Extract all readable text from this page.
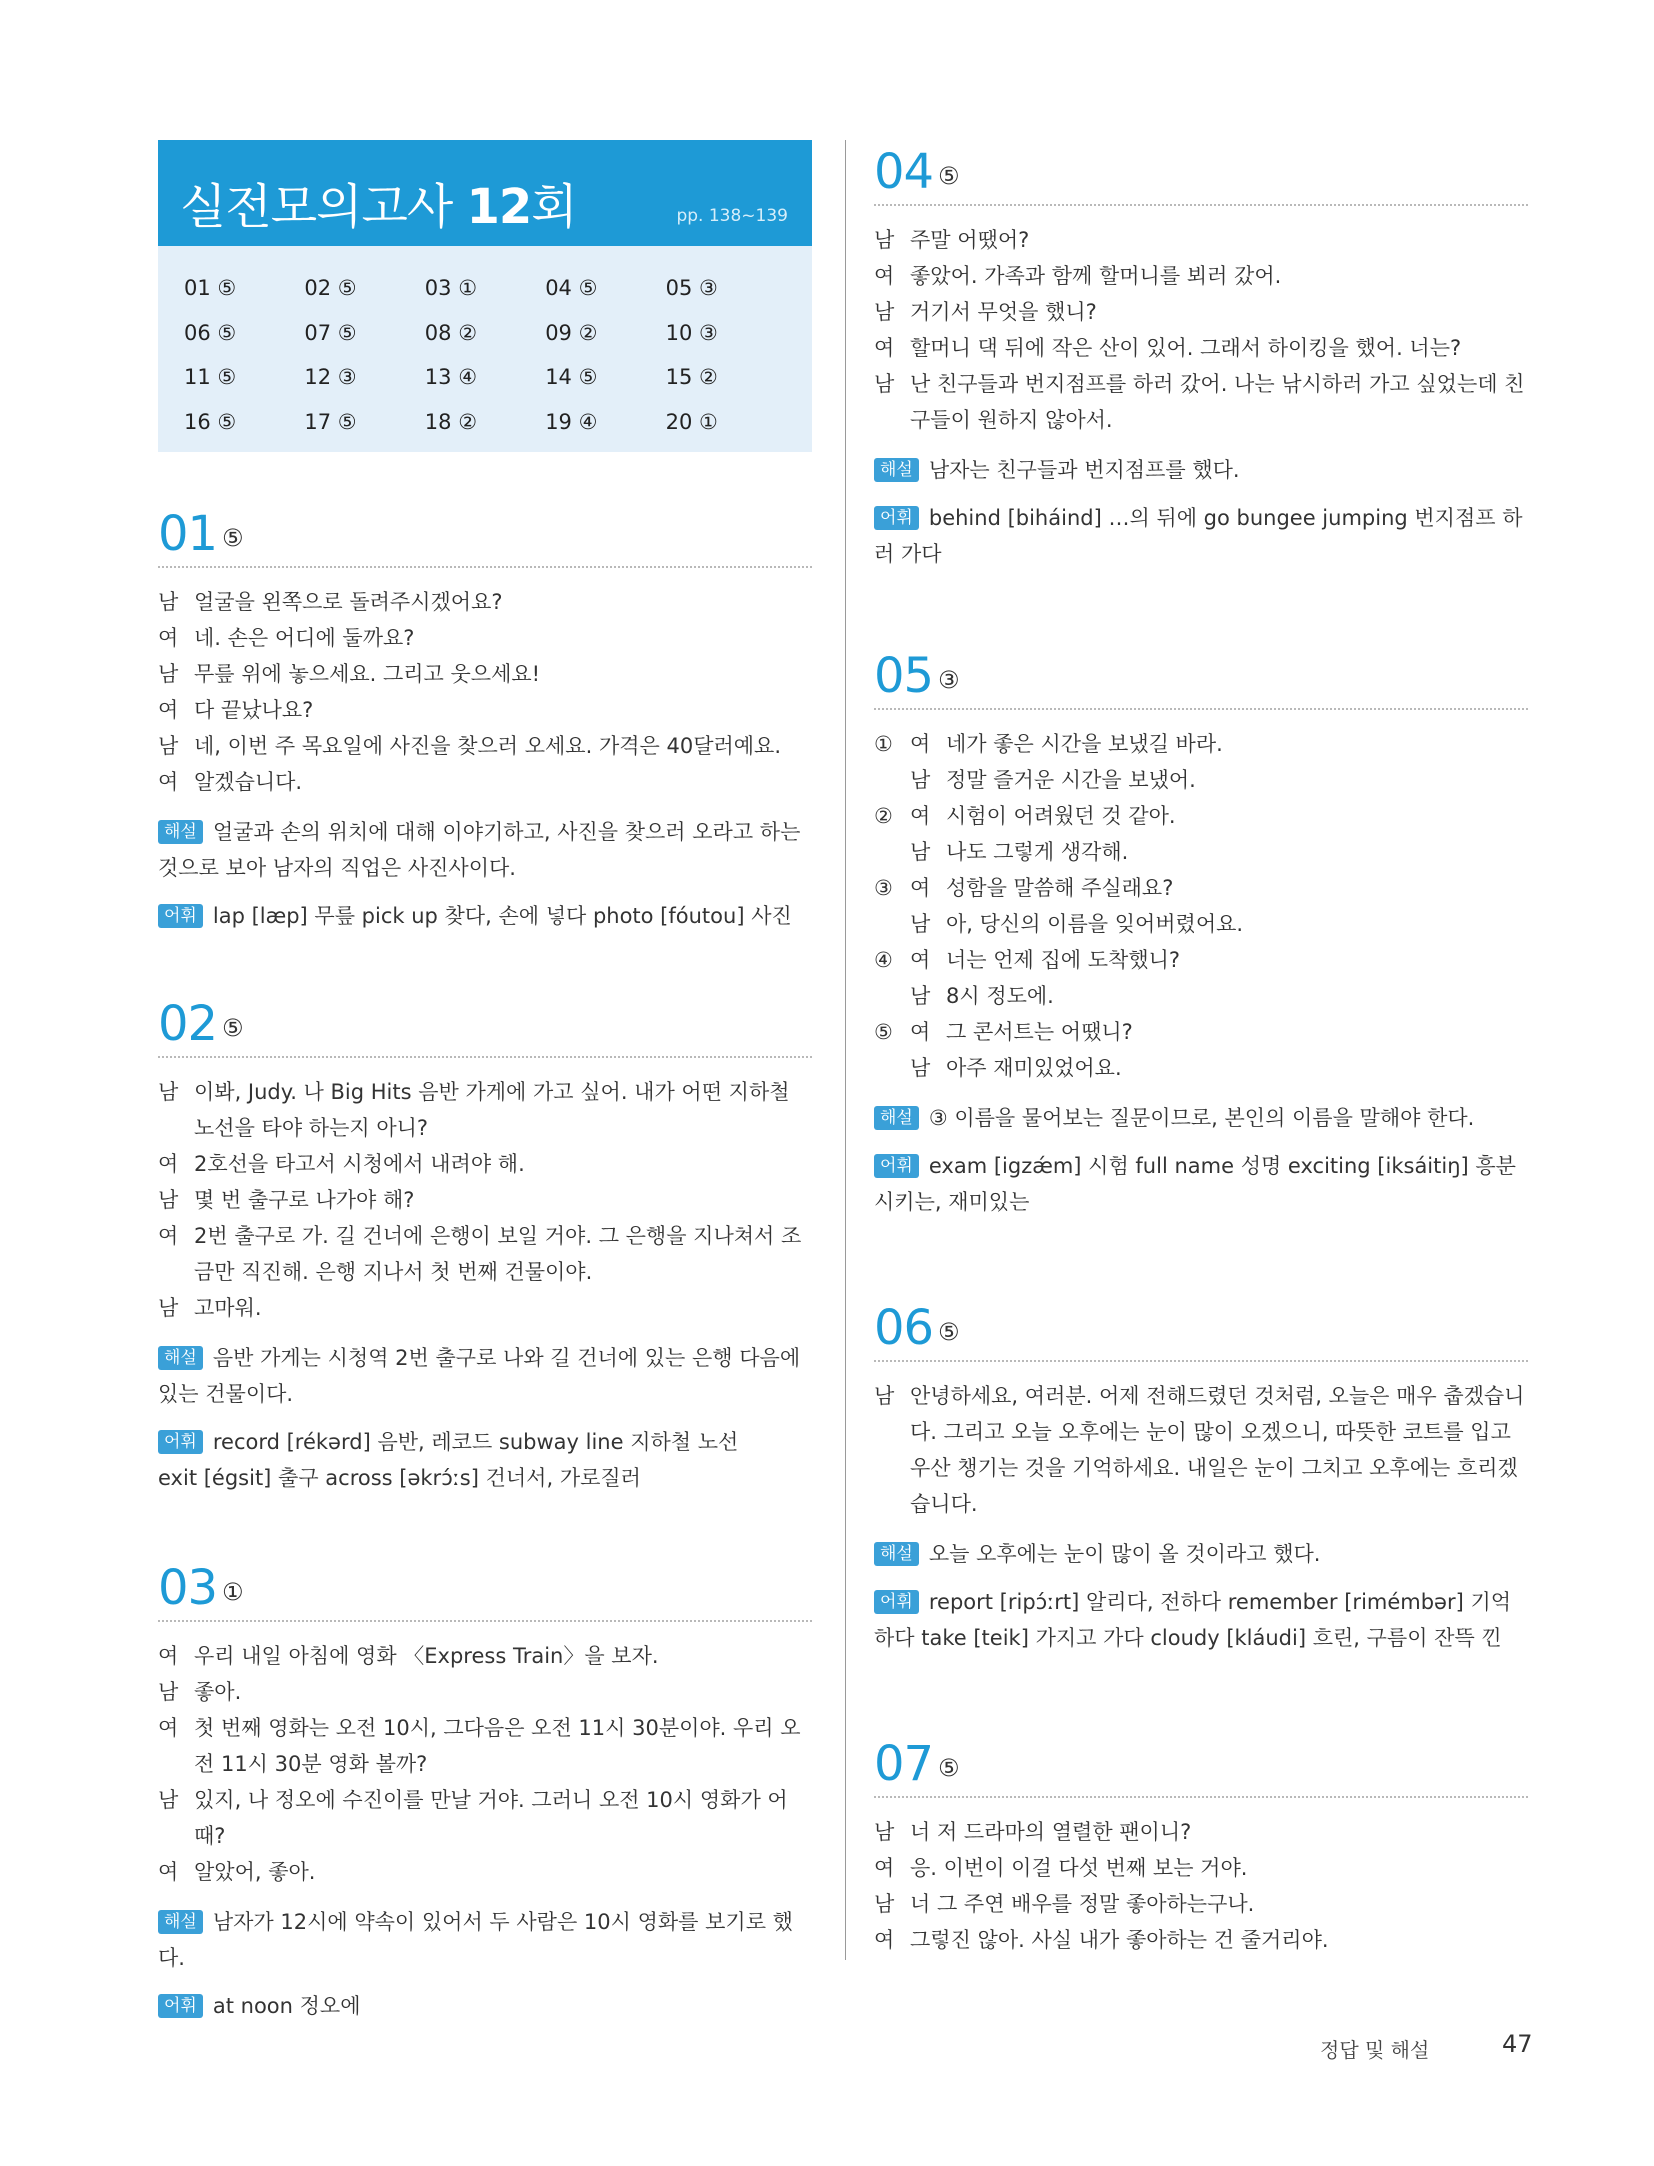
실전모의고사 12회	pp. 138~139
01 ⑤	02 ⑤	03 ①	04 ⑤	05 ③
06 ⑤	07 ⑤	08 ②	09 ②	10 ③
11 ⑤	12 ③	13 ④	14 ⑤	15 ②
16 ⑤	17 ⑤	18 ②	19 ④	20 ①
01 ⑤
남 얼굴을 왼쪽으로 돌려주시겠어요?
여 네. 손은 어디에 둘까요?
남 무릎 위에 놓으세요. 그리고 웃으세요!
여 다 끝났나요?
남 네, 이번 주 목요일에 사진을 찾으러 오세요. 가격은 40달러예요.
여 알겠습니다.
해설 얼굴과 손의 위치에 대해 이야기하고, 사진을 찾으러 오라고 하는 것으로 보아 남자의 직업은 사진사이다.
어휘 lap [læp] 무릎 pick up 찾다, 손에 넣다 photo [fóutou] 사진
02 ⑤
남 이봐, Judy. 나 Big Hits 음반 가게에 가고 싶어. 내가 어떤 지하철 노선을 타야 하는지 아니?
여 2호선을 타고서 시청에서 내려야 해.
남 몇 번 출구로 나가야 해?
여 2번 출구로 가. 길 건너에 은행이 보일 거야. 그 은행을 지나쳐서 조금만 직진해. 은행 지나서 첫 번째 건물이야.
남 고마워.
해설 음반 가게는 시청역 2번 출구로 나와 길 건너에 있는 은행 다음에 있는 건물이다.
어휘 record [rékərd] 음반, 레코드 subway line 지하철 노선
exit [égsit] 출구 across [əkrɔ́ːs] 건너서, 가로질러
03 ①
여 우리 내일 아침에 영화 〈Express Train〉을 보자.
남 좋아.
여 첫 번째 영화는 오전 10시, 그다음은 오전 11시 30분이야. 우리 오전 11시 30분 영화 볼까?
남 있지, 나 정오에 수진이를 만날 거야. 그러니 오전 10시 영화가 어때?
여 알았어, 좋아.
해설 남자가 12시에 약속이 있어서 두 사람은 10시 영화를 보기로 했다.
어휘 at noon 정오에
04 ⑤
남 주말 어땠어?
여 좋았어. 가족과 함께 할머니를 뵈러 갔어.
남 거기서 무엇을 했니?
여 할머니 댁 뒤에 작은 산이 있어. 그래서 하이킹을 했어. 너는?
남 난 친구들과 번지점프를 하러 갔어. 나는 낚시하러 가고 싶었는데 친구들이 원하지 않아서.
해설 남자는 친구들과 번지점프를 했다.
어휘 behind [biháind] …의 뒤에 go bungee jumping 번지점프 하러 가다
05 ③
① 여 네가 좋은 시간을 보냈길 바라.
남 정말 즐거운 시간을 보냈어.
② 여 시험이 어려웠던 것 같아.
남 나도 그렇게 생각해.
③ 여 성함을 말씀해 주실래요?
남 아, 당신의 이름을 잊어버렸어요.
④ 여 너는 언제 집에 도착했니?
남 8시 정도에.
⑤ 여 그 콘서트는 어땠니?
남 아주 재미있었어요.
해설 ③ 이름을 물어보는 질문이므로, 본인의 이름을 말해야 한다.
어휘 exam [igzǽm] 시험 full name 성명 exciting [iksáitiŋ] 흥분시키는, 재미있는
06 ⑤
남 안녕하세요, 여러분. 어제 전해드렸던 것처럼, 오늘은 매우 춥겠습니다. 그리고 오늘 오후에는 눈이 많이 오겠으니, 따뜻한 코트를 입고 우산 챙기는 것을 기억하세요. 내일은 눈이 그치고 오후에는 흐리겠습니다.
해설 오늘 오후에는 눈이 많이 올 것이라고 했다.
어휘 report [ripɔ́ːrt] 알리다, 전하다 remember [rimémbər] 기억하다 take [teik] 가지고 가다 cloudy [kláudi] 흐린, 구름이 잔뜩 낀
07 ⑤
남 너 저 드라마의 열렬한 팬이니?
여 응. 이번이 이걸 다섯 번째 보는 거야.
남 너 그 주연 배우를 정말 좋아하는구나.
여 그렇진 않아. 사실 내가 좋아하는 건 줄거리야.
정답 및 해설	47
